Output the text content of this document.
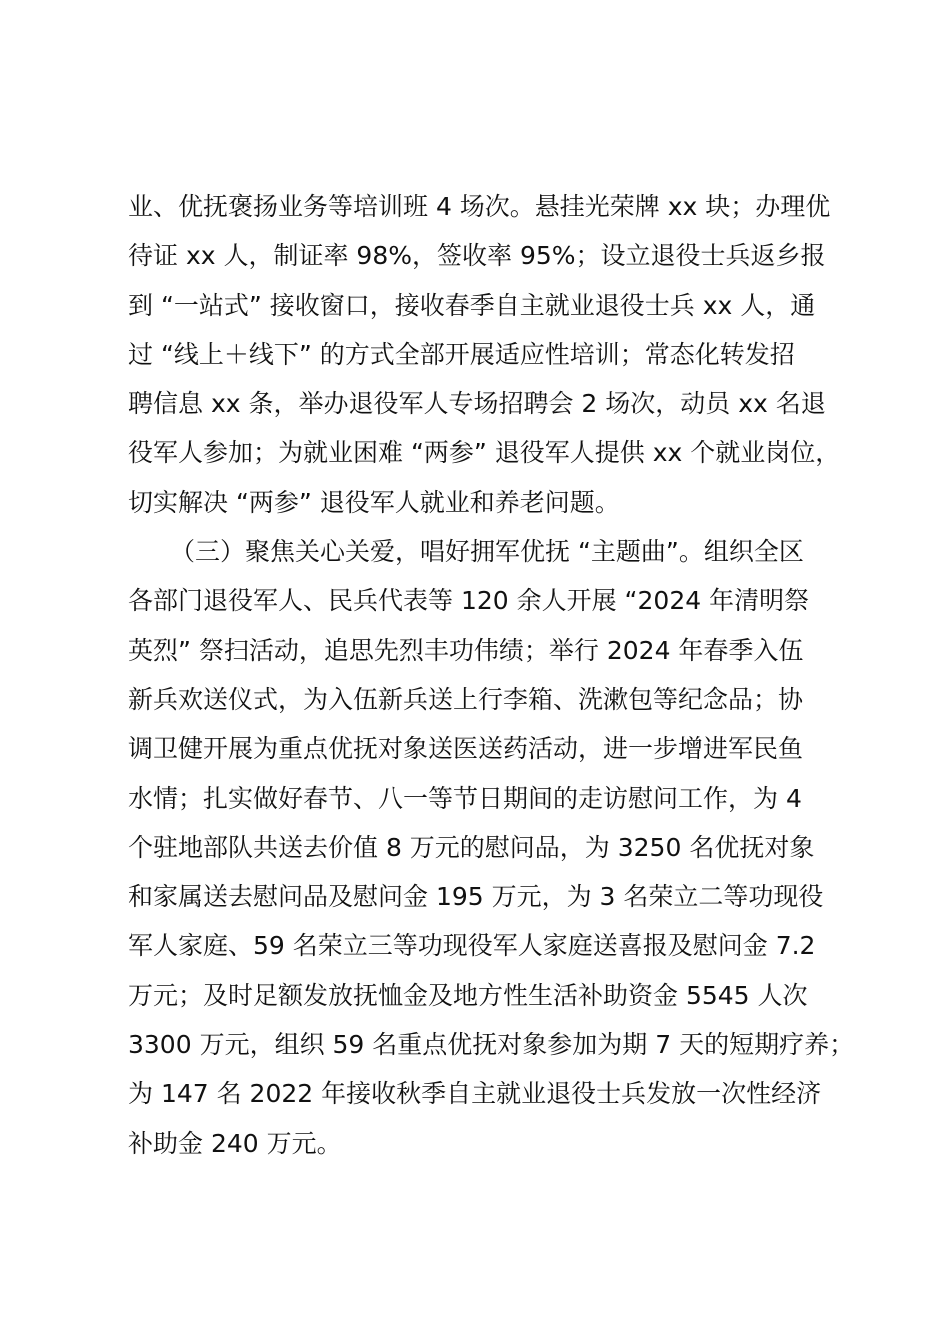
业、优抚褒扬业务等培训班 4 场次。悬挂光荣牌 xx 块；办理优

待证 xx 人，制证率 98%，签收率 95%；设立退役士兵返乡报

到 “一站式” 接收窗口，接收春季自主就业退役士兵 xx 人，通

过 “线上＋线下” 的方式全部开展适应性培训；常态化转发招

聘信息 xx 条，举办退役军人专场招聘会 2 场次，动员 xx 名退

役军人参加；为就业困难 “两参” 退役军人提供 xx 个就业岗位，

切实解决 “两参” 退役军人就业和养老问题。

（三）聚焦关心关爱，唱好拥军优抚 “主题曲”。组织全区

各部门退役军人、民兵代表等 120 余人开展 “2024 年清明祭

英烈” 祭扫活动，追思先烈丰功伟绩；举行 2024 年春季入伍

新兵欢送仪式，为入伍新兵送上行李箱、洗漱包等纪念品；协

调卫健开展为重点优抚对象送医送药活动，进一步增进军民鱼

水情；扎实做好春节、八一等节日期间的走访慰问工作，为 4

个驻地部队共送去价值 8 万元的慰问品，为 3250 名优抚对象

和家属送去慰问品及慰问金 195 万元，为 3 名荣立二等功现役

军人家庭、59 名荣立三等功现役军人家庭送喜报及慰问金 7.2

万元；及时足额发放抚恤金及地方性生活补助资金 5545 人次

3300 万元，组织 59 名重点优抚对象参加为期 7 天的短期疗养；

为 147 名 2022 年接收秋季自主就业退役士兵发放一次性经济

补助金 240 万元。
